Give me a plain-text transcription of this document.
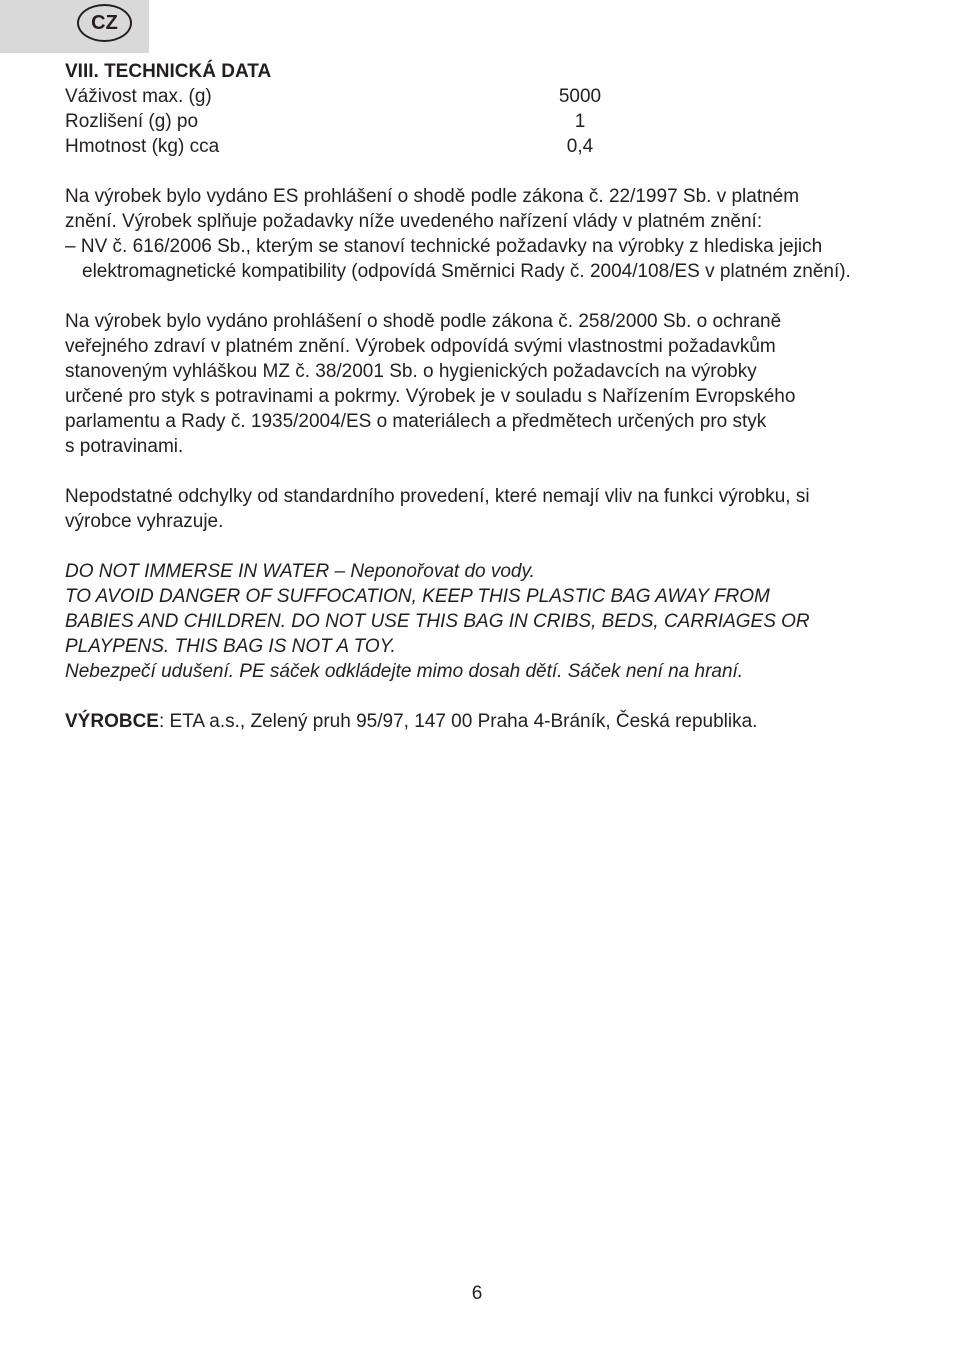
CZ
VIII. TECHNICKÁ DATA
Váživost max. (g)	5000
Rozlišení (g) po	1
Hmotnost (kg) cca	0,4

Na výrobek bylo vydáno ES prohlášení o shodě podle zákona č. 22/1997 Sb. v platném

znění. Výrobek splňuje požadavky níže uvedeného nařízení vlády v platném znění:

– NV č. 616/2006 Sb., kterým se stanoví technické požadavky na výrobky z hlediska jejich elektromagnetické kompatibility (odpovídá Směrnici Rady č. 2004/108/ES v platném znění).

Na výrobek bylo vydáno prohlášení o shodě podle zákona č. 258/2000 Sb. o ochraně

veřejného zdraví v platném znění. Výrobek odpovídá svými vlastnostmi požadavkům

stanoveným vyhláškou MZ č. 38/2001 Sb. o hygienických požadavcích na výrobky

určené pro styk s potravinami a pokrmy. Výrobek je v souladu s Nařízením Evropského

parlamentu a Rady č. 1935/2004/ES o materiálech a předmětech určených pro styk

s potravinami.

Nepodstatné odchylky od standardního provedení, které nemají vliv na funkci výrobku, si

výrobce vyhrazuje.

DO NOT IMMERSE IN WATER – Neponořovat do vody.

TO AVOID DANGER OF SUFFOCATION, KEEP THIS PLASTIC BAG AWAY FROM

BABIES AND CHILDREN. DO NOT USE THIS BAG IN CRIBS, BEDS, CARRIAGES OR

PLAYPENS. THIS BAG IS NOT A TOY.

Nebezpečí udušení. PE sáček odkládejte mimo dosah dětí. Sáček není na hraní.

VÝROBCE: ETA a.s., Zelený pruh 95/97, 147 00 Praha 4-Bráník, Česká republika.

6
